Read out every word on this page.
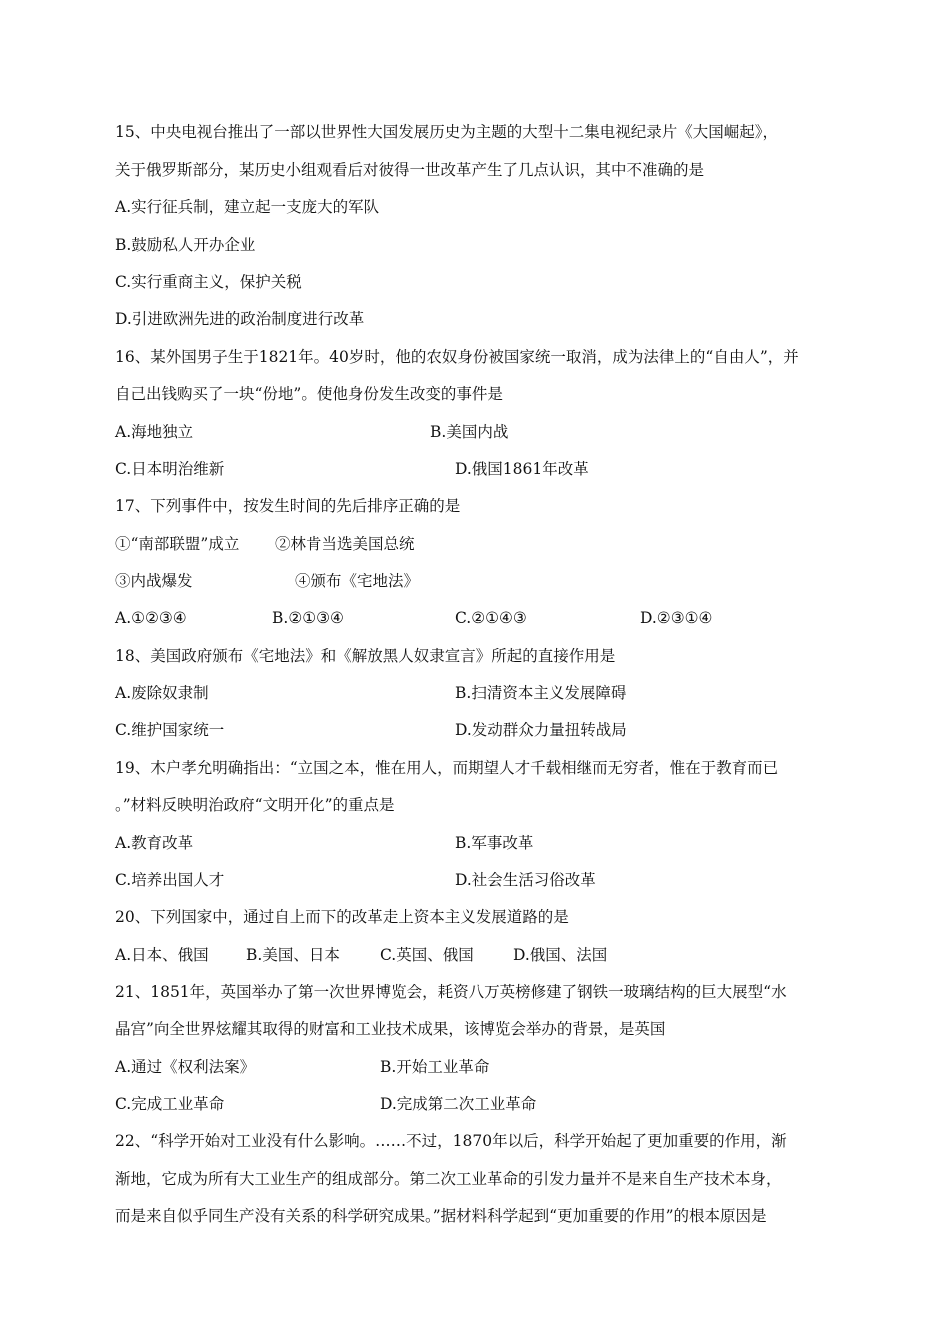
15、中央电视台推出了一部以世界性大国发展历史为主题的大型十二集电视纪录片《大国崛起》，
关于俄罗斯部分，某历史小组观看后对彼得一世改革产生了几点认识，其中不准确的是
A.实行征兵制，建立起一支庞大的军队
B.鼓励私人开办企业
C.实行重商主义，保护关税
D.引进欧洲先进的政治制度进行改革
16、某外国男子生于1821年。40岁时，他的农奴身份被国家统一取消，成为法律上的“自由人”，并
自己出钱购买了一块“份地”。使他身份发生改变的事件是
A.海地独立	B.美国内战
C.日本明治维新	D.俄国1861年改革
17、下列事件中，按发生时间的先后排序正确的是
①“南部联盟”成立 ②林肯当选美国总统
③内战爆发	④颁布《宅地法》
A.①②③④	B.②①③④	C.②①④③	D.②③①④
18、美国政府颁布《宅地法》和《解放黑人奴隶宣言》所起的直接作用是
A.废除奴隶制	B.扫清资本主义发展障碍
C.维护国家统一	D.发动群众力量扭转战局
19、木户孝允明确指出：“立国之本，惟在用人，而期望人才千载相继而无穷者，惟在于教育而已
。”材料反映明治政府“文明开化”的重点是
A.教育改革	B.军事改革
C.培养出国人才	D.社会生活习俗改革
20、下列国家中，通过自上而下的改革走上资本主义发展道路的是
A.日本、俄国 B.美国、日本	C.英国、俄国	D.俄国、法国
21、1851年，英国举办了第一次世界博览会，耗资八万英榜修建了钢铁一玻璃结构的巨大展型“水
晶宫”向全世界炫耀其取得的财富和工业技术成果，该博览会举办的背景，是英国
A.通过《权利法案》	B.开始工业革命
C.完成工业革命	D.完成第二次工业革命
22、“科学开始对工业没有什么影响。……不过，1870年以后，科学开始起了更加重要的作用，渐
渐地，它成为所有大工业生产的组成部分。第二次工业革命的引发力量并不是来自生产技术本身，
而是来自似乎同生产没有关系的科学研究成果。”据材料科学起到“更加重要的作用”的根本原因是
